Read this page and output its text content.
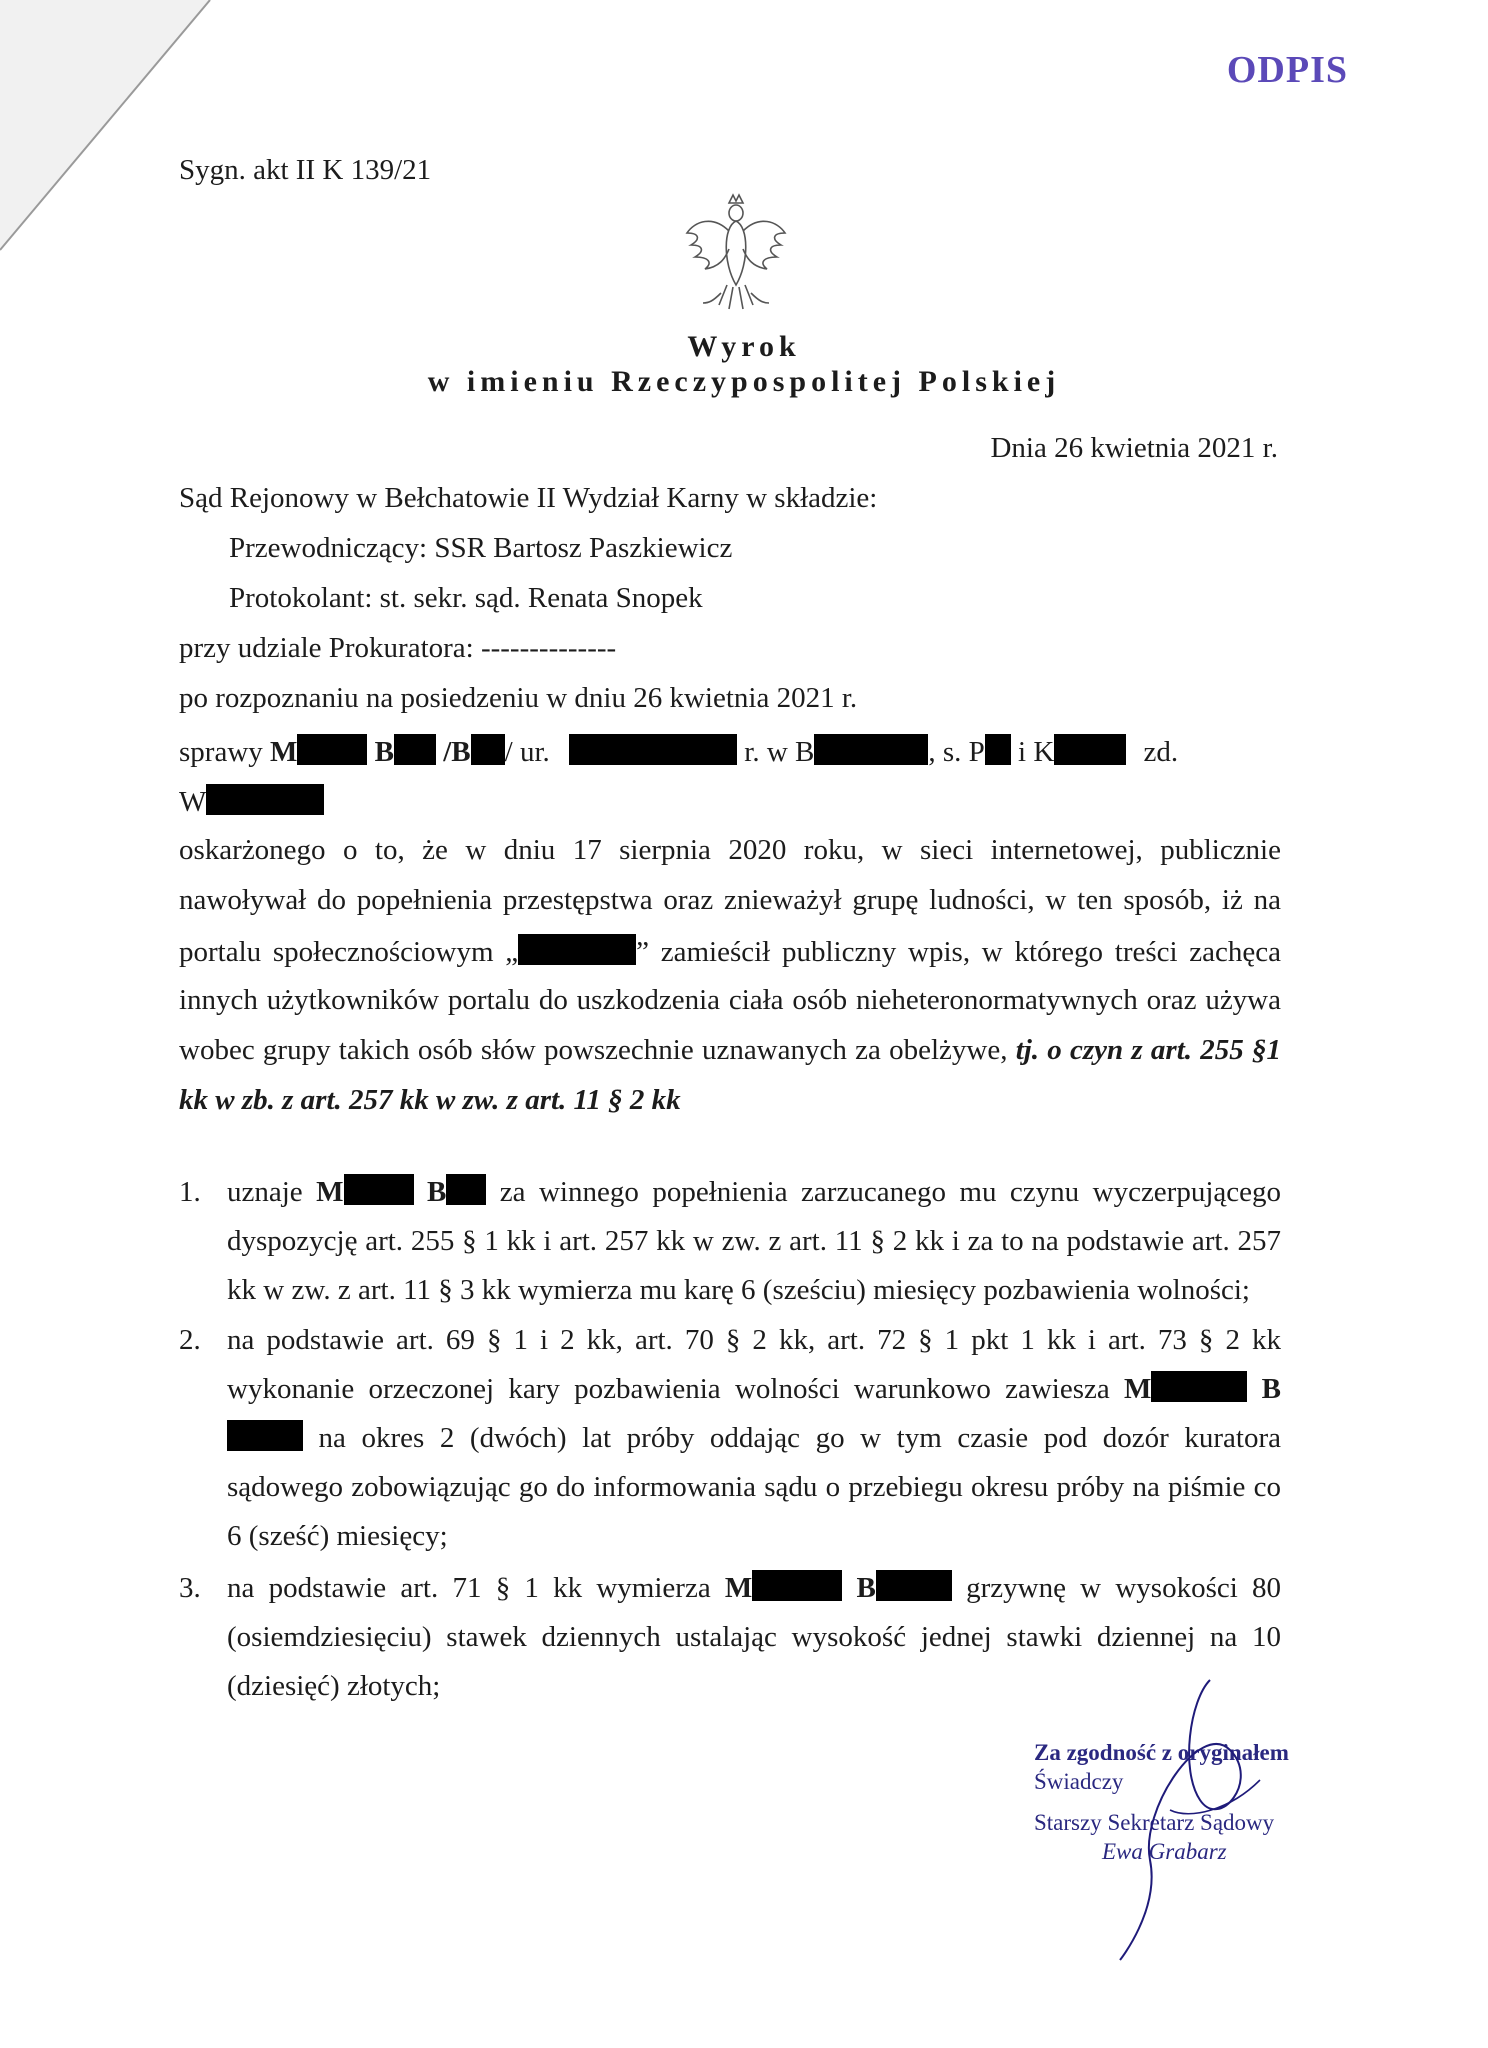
ODPIS
Sygn. akt II K 139/21
Wyrok
w imieniu Rzeczypospolitej Polskiej
Dnia 26 kwietnia 2021 r.
Sąd Rejonowy w Bełchatowie II Wydział Karny w składzie:
Przewodniczący: SSR Bartosz Paszkiewicz
Protokolant: st. sekr. sąd. Renata Snopek
przy udziale Prokuratora: --------------
po rozpoznaniu na posiedzeniu w dniu 26 kwietnia 2021 r.
sprawy M	B /B / ur.	r. w B	, s. P i K	zd.
W
oskarżonego o to, że w dniu 17 sierpnia 2020 roku, w sieci internetowej, publicznie
nawoływał do popełnienia przestępstwa oraz znieważył grupę ludności, w ten sposób, iż na
portalu społecznościowym „	” zamieścił publiczny wpis, w którego treści zachęca
innych użytkowników portalu do uszkodzenia ciała osób nieheteronormatywnych oraz używa
wobec grupy takich osób słów powszechnie uznawanych za obelżywe, tj. o czyn z art. 255 §1
kk w zb. z art. 257 kk w zw. z art. 11 § 2 kk
1. uznaje M	B za winnego popełnienia zarzucanego mu czynu wyczerpującego dyspozycję art. 255 § 1 kk i art. 257 kk w zw. z art. 11 § 2 kk i za to na podstawie art. 257 kk w zw. z art. 11 § 3 kk wymierza mu karę 6 (sześciu) miesięcy pozbawienia wolności;
2. na podstawie art. 69 § 1 i 2 kk, art. 70 § 2 kk, art. 72 § 1 pkt 1 kk i art. 73 § 2 kk wykonanie orzeczonej kary pozbawienia wolności warunkowo zawiesza M	B na okres 2 (dwóch) lat próby oddając go w tym czasie pod dozór kuratora sądowego zobowiązując go do informowania sądu o przebiegu okresu próby na piśmie co 6 (sześć) miesięcy;
3. na podstawie art. 71 § 1 kk wymierza M	B	grzywnę w wysokości 80 (osiemdziesięciu) stawek dziennych ustalając wysokość jednej stawki dziennej na 10 (dziesięć) złotych;
Za zgodność z oryginałem
Świadczy
Starszy Sekretarz Sądowy
Ewa Grabarz
